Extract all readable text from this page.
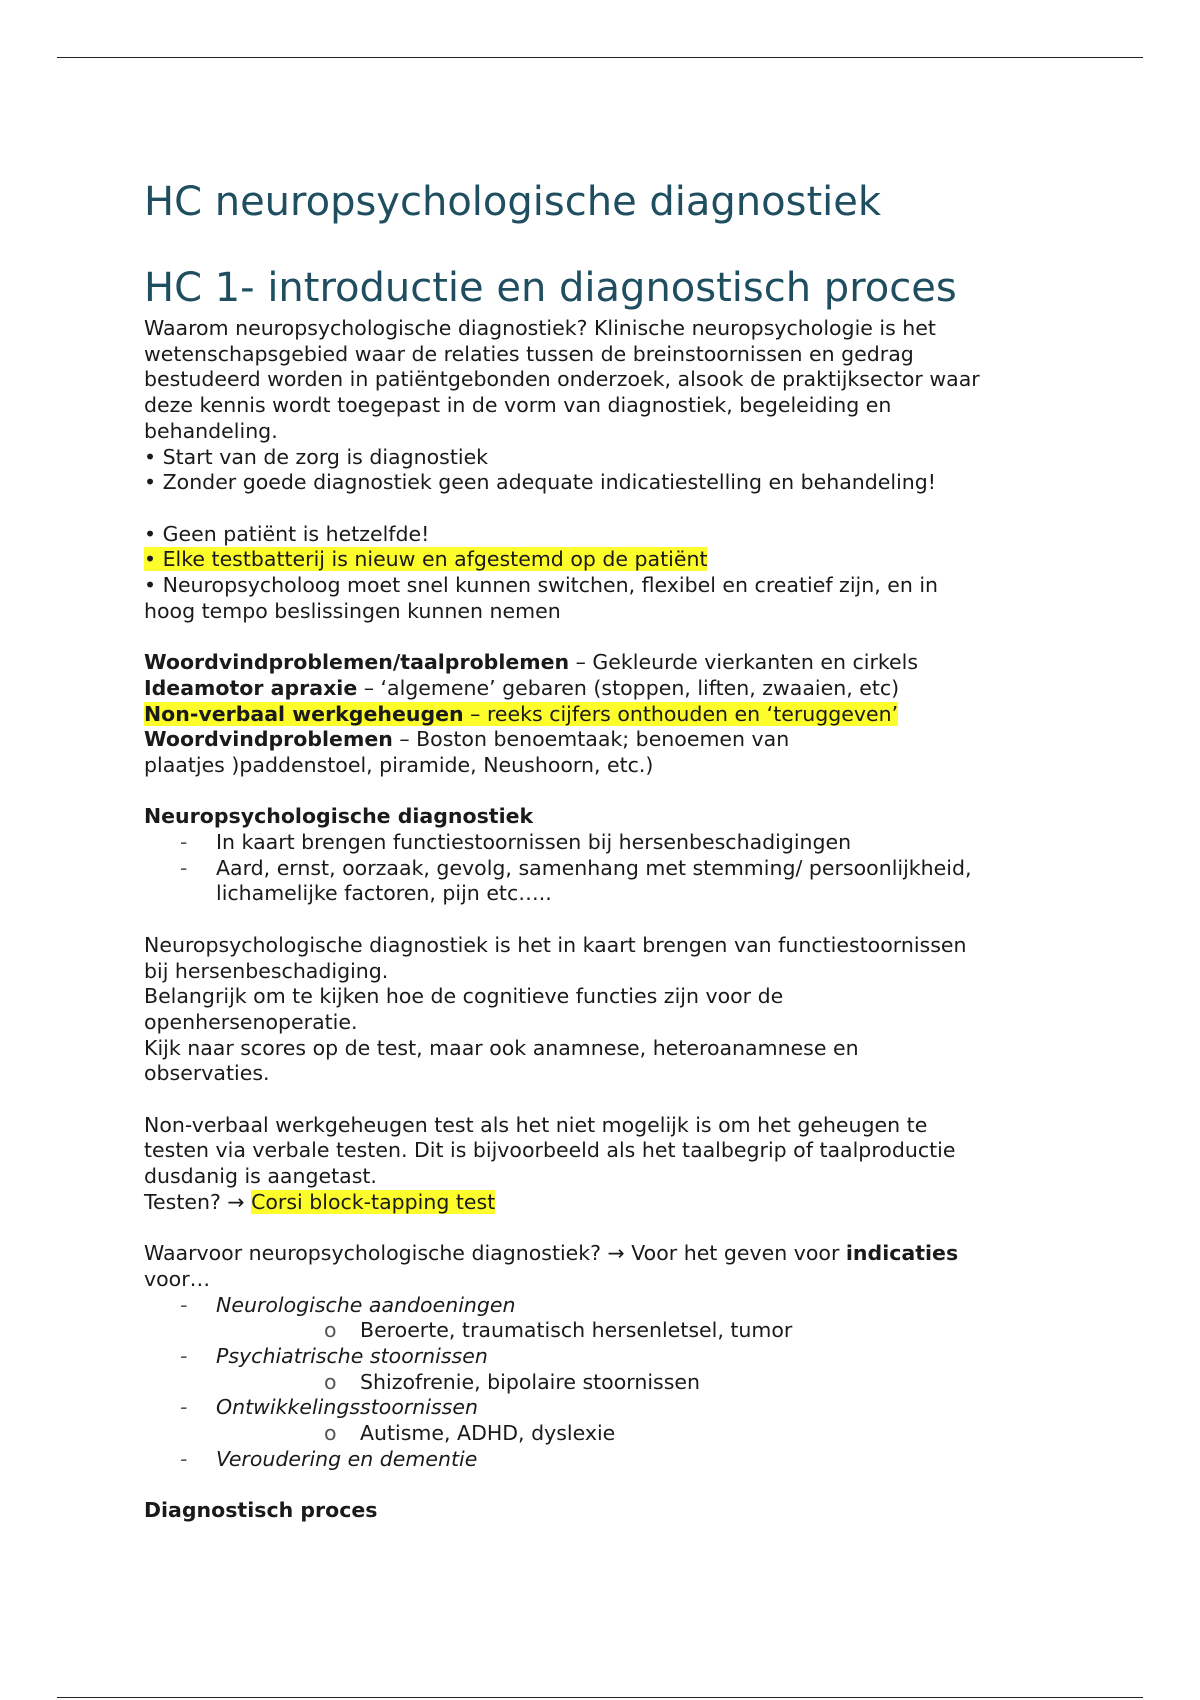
HC neuropsychologische diagnostiek
HC 1- introductie en diagnostisch proces

Waarom neuropsychologische diagnostiek? Klinische neuropsychologie is het

wetenschapsgebied waar de relaties tussen de breinstoornissen en gedrag

bestudeerd worden in patiëntgebonden onderzoek, alsook de praktijksector waar

deze kennis wordt toegepast in de vorm van diagnostiek, begeleiding en

behandeling.

• Start van de zorg is diagnostiek

• Zonder goede diagnostiek geen adequate indicatiestelling en behandeling!

• Geen patiënt is hetzelfde!

• Elke testbatterij is nieuw en afgestemd op de patiënt

• Neuropsycholoog moet snel kunnen switchen, flexibel en creatief zijn, en in

hoog tempo beslissingen kunnen nemen

Woordvindproblemen/taalproblemen – Gekleurde vierkanten en cirkels

Ideamotor apraxie – ‘algemene’ gebaren (stoppen, liften, zwaaien, etc)

Non-verbaal werkgeheugen – reeks cijfers onthouden en ‘teruggeven’

Woordvindproblemen – Boston benoemtaak; benoemen van

plaatjes )paddenstoel, piramide, Neushoorn, etc.)

Neuropsychologische diagnostiek

- In kaart brengen functiestoornissen bij hersenbeschadigingen
- Aard, ernst, oorzaak, gevolg, samenhang met stemming/ persoonlijkheid,
lichamelijke factoren, pijn etc…..

Neuropsychologische diagnostiek is het in kaart brengen van functiestoornissen

bij hersenbeschadiging.

Belangrijk om te kijken hoe de cognitieve functies zijn voor de

openhersenoperatie.

Kijk naar scores op de test, maar ook anamnese, heteroanamnese en

observaties.

Non-verbaal werkgeheugen test als het niet mogelijk is om het geheugen te

testen via verbale testen. Dit is bijvoorbeeld als het taalbegrip of taalproductie

dusdanig is aangetast.

Testen? → Corsi block-tapping test

Waarvoor neuropsychologische diagnostiek? → Voor het geven voor indicaties

voor…

- Neurologische aandoeningen
o Beroerte, traumatisch hersenletsel, tumor
- Psychiatrische stoornissen
o Shizofrenie, bipolaire stoornissen
- Ontwikkelingsstoornissen
o Autisme, ADHD, dyslexie
- Veroudering en dementie

Diagnostisch proces
